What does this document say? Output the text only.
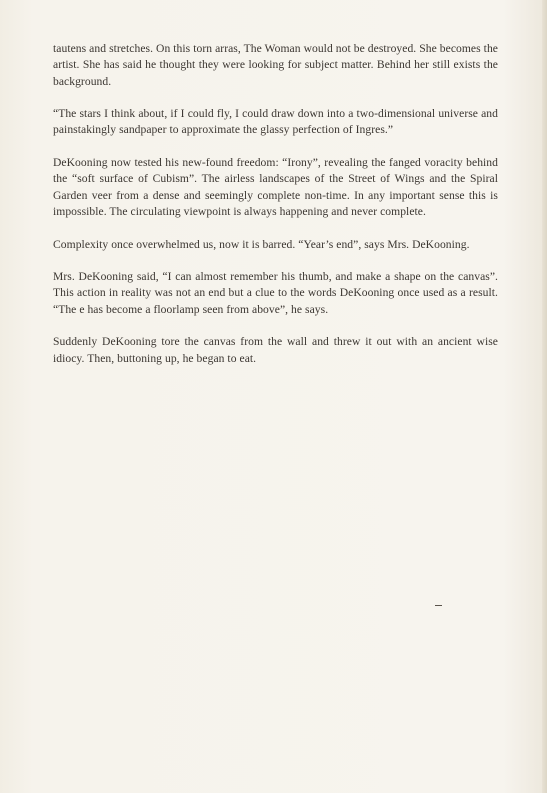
tautens and stretches. On this torn arras, The Woman would not be destroyed. She becomes the artist. She has said he thought they were looking for subject matter. Behind her still exists the background.

“The stars I think about, if I could fly, I could draw down into a two-dimensional universe and painstakingly sandpaper to approximate the glassy perfection of Ingres.”

DeKooning now tested his new-found freedom: “Irony”, revealing the fanged voracity behind the “soft surface of Cubism”. The airless landscapes of the Street of Wings and the Spiral Garden veer from a dense and seemingly complete non-time. In any important sense this is impossible. The circulating viewpoint is always happening and never complete.

Complexity once overwhelmed us, now it is barred. “Year’s end”, says Mrs. DeKooning.

Mrs. DeKooning said, “I can almost remember his thumb, and make a shape on the canvas”. This action in reality was not an end but a clue to the words DeKooning once used as a result. “The e has become a floorlamp seen from above”, he says.

Suddenly DeKooning tore the canvas from the wall and threw it out with an ancient wise idiocy. Then, buttoning up, he began to eat.
